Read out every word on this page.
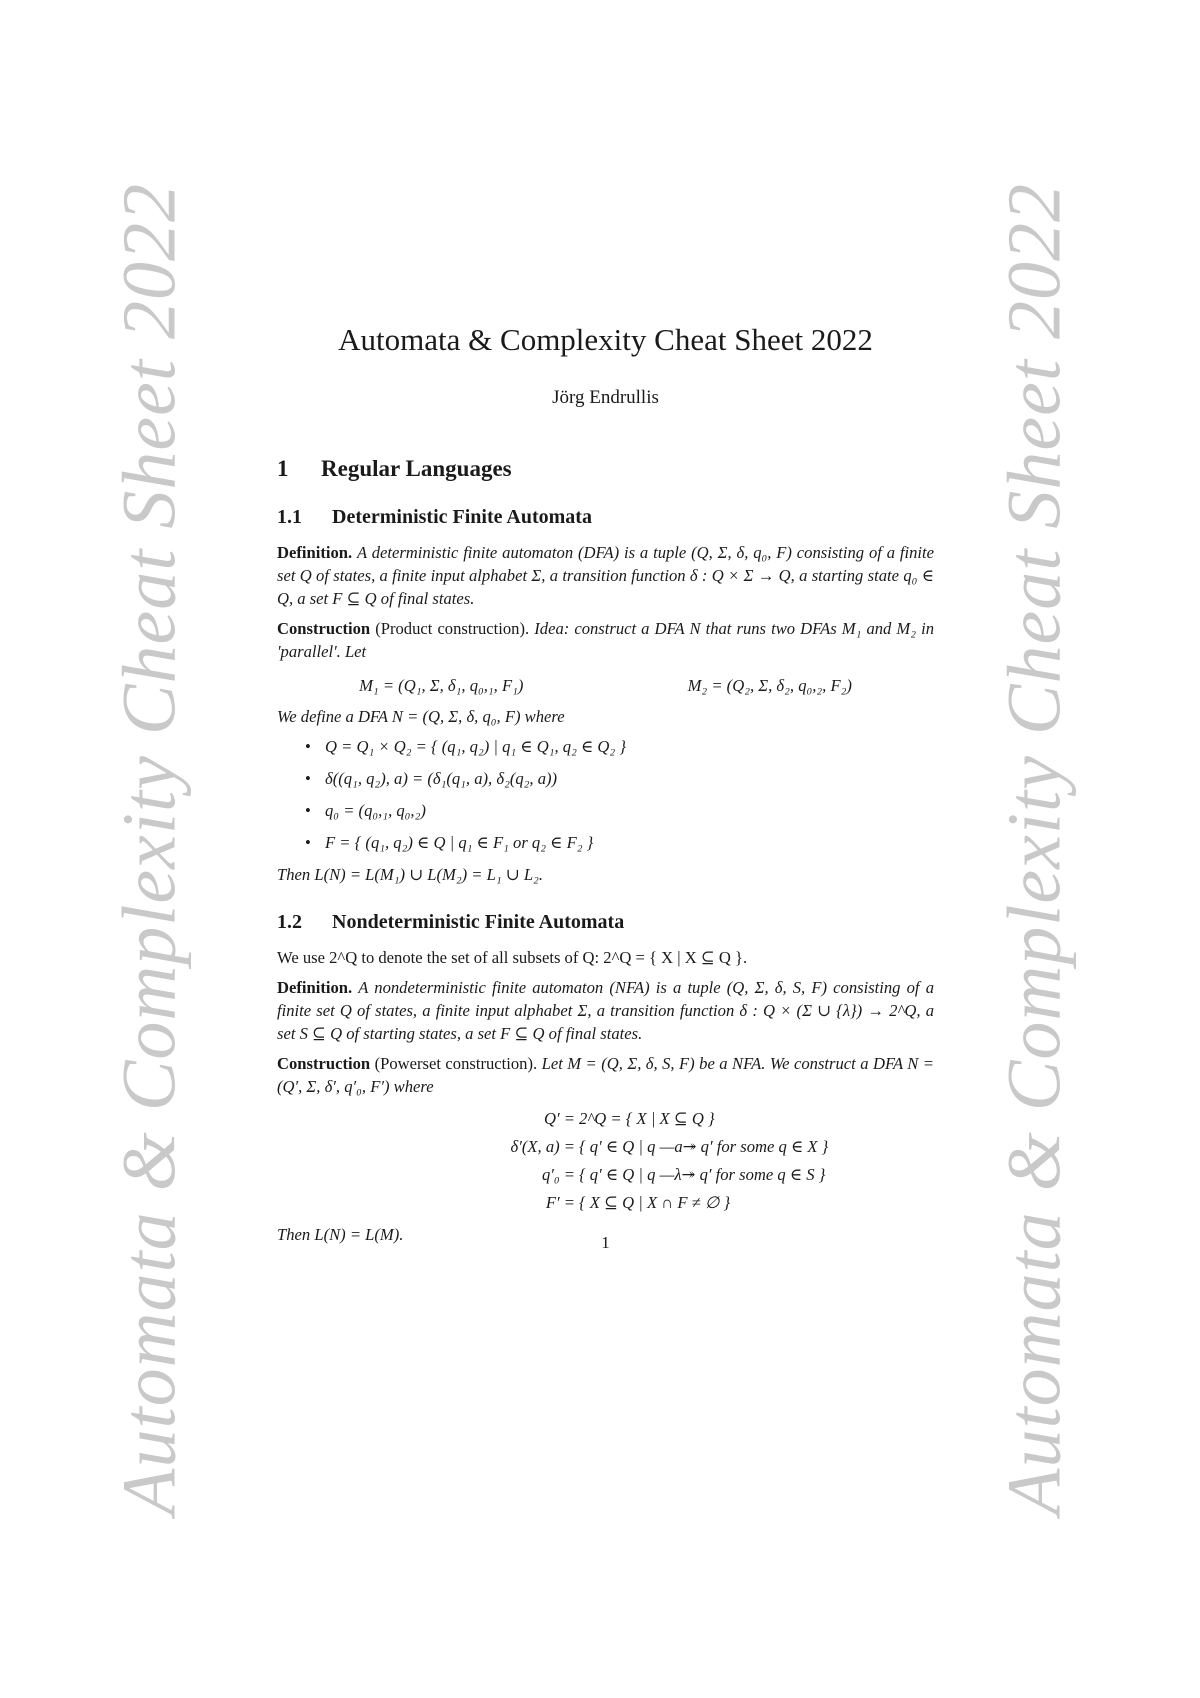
Automata & Complexity Cheat Sheet 2022	Automata & Complexity Cheat Sheet 2022
Automata & Complexity Cheat Sheet 2022
Jörg Endrullis
1 Regular Languages
1.1 Deterministic Finite Automata

Definition. A deterministic finite automaton (DFA) is a tuple (Q, Σ, δ, q₀, F) consisting of a finite set Q of states, a finite input alphabet Σ, a transition function δ : Q × Σ → Q, a starting state q₀ ∈ Q, a set F ⊆ Q of final states.

Construction (Product construction). Idea: construct a DFA N that runs two DFAs M₁ and M₂ in 'parallel'. Let

M₁ = (Q₁, Σ, δ₁, q₀,₁, F₁)	M₂ = (Q₂, Σ, δ₂, q₀,₂, F₂)

We define a DFA N = (Q, Σ, δ, q₀, F) where

• Q = Q₁ × Q₂ = { (q₁, q₂) | q₁ ∈ Q₁, q₂ ∈ Q₂ }
• δ((q₁, q₂), a) = (δ₁(q₁, a), δ₂(q₂, a))
• q₀ = (q₀,₁, q₀,₂)
• F = { (q₁, q₂) ∈ Q | q₁ ∈ F₁ or q₂ ∈ F₂ }

Then L(N) = L(M₁) ∪ L(M₂) = L₁ ∪ L₂.

1.2 Nondeterministic Finite Automata

We use 2^Q to denote the set of all subsets of Q: 2^Q = { X | X ⊆ Q }.

Definition. A nondeterministic finite automaton (NFA) is a tuple (Q, Σ, δ, S, F) consisting of a finite set Q of states, a finite input alphabet Σ, a transition function δ : Q × (Σ ∪ {λ}) → 2^Q, a set S ⊆ Q of starting states, a set F ⊆ Q of final states.

Construction (Powerset construction). Let M = (Q, Σ, δ, S, F) be a NFA. We construct a DFA N = (Q′, Σ, δ′, q′₀, F′) where

Q′ = 2^Q = { X | X ⊆ Q }
δ′(X, a) = { q′ ∈ Q | q —a↠ q′ for some q ∈ X }
q′₀ = { q′ ∈ Q | q —λ↠ q′ for some q ∈ S }
F′ = { X ⊆ Q | X ∩ F ≠ ∅ }

Then L(N) = L(M).	1
